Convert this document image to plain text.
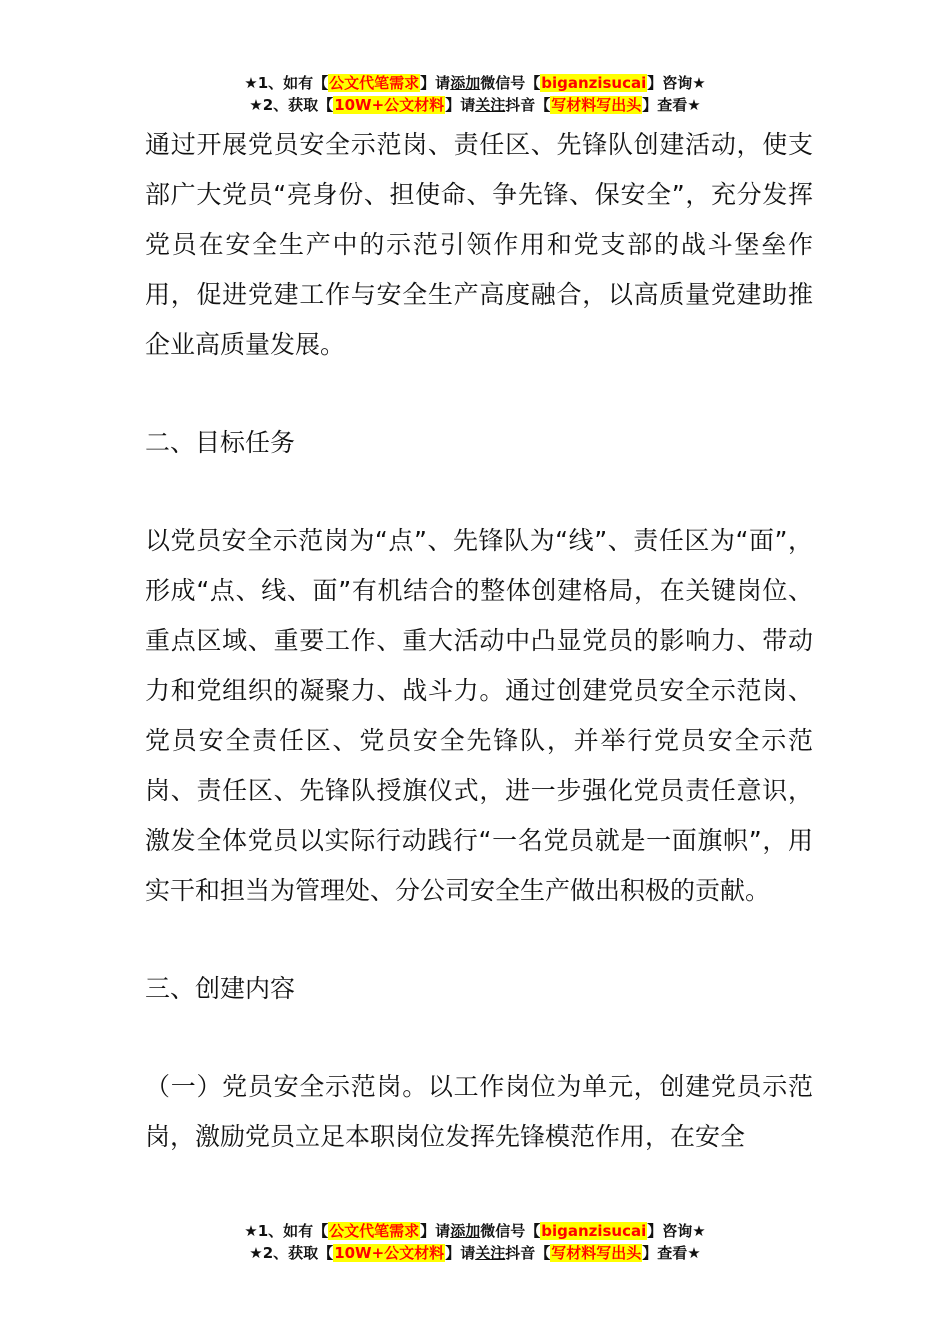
★1、如有【公文代笔需求】请添加微信号【biganzisucai】咨询★
★2、获取【10W+公文材料】请关注抖音【写材料写出头】查看★

通过开展党员安全示范岗、责任区、先锋队创建活动，使支部广大党员“亮身份、担使命、争先锋、保安全”，充分发挥党员在安全生产中的示范引领作用和党支部的战斗堡垒作用，促进党建工作与安全生产高度融合，以高质量党建助推企业高质量发展。

二、目标任务

以党员安全示范岗为“点”、先锋队为“线”、责任区为“面”，形成“点、线、面”有机结合的整体创建格局，在关键岗位、重点区域、重要工作、重大活动中凸显党员的影响力、带动力和党组织的凝聚力、战斗力。通过创建党员安全示范岗、党员安全责任区、党员安全先锋队，并举行党员安全示范岗、责任区、先锋队授旗仪式，进一步强化党员责任意识，激发全体党员以实际行动践行“一名党员就是一面旗帜”，用实干和担当为管理处、分公司安全生产做出积极的贡献。

三、创建内容

（一）党员安全示范岗。以工作岗位为单元，创建党员示范岗，激励党员立足本职岗位发挥先锋模范作用，在安全

★1、如有【公文代笔需求】请添加微信号【biganzisucai】咨询★
★2、获取【10W+公文材料】请关注抖音【写材料写出头】查看★
